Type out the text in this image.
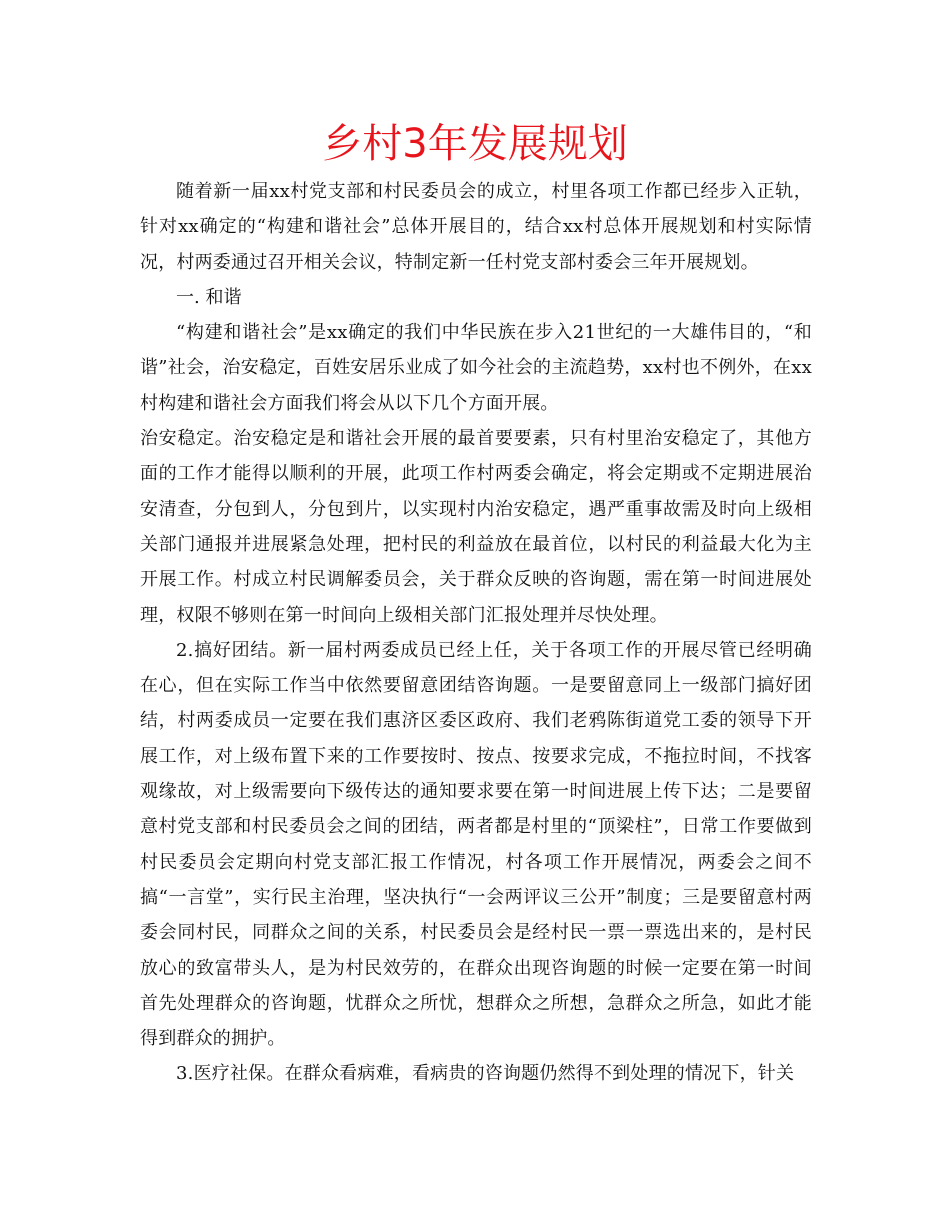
乡村3年发展规划

随着新一届xx村党支部和村民委员会的成立，村里各项工作都已经步入正轨，针对xx确定的“构建和谐社会”总体开展目的，结合xx村总体开展规划和村实际情况，村两委通过召开相关会议，特制定新一任村党支部村委会三年开展规划。

一. 和谐

“构建和谐社会”是xx确定的我们中华民族在步入21世纪的一大雄伟目的，“和谐”社会，治安稳定，百姓安居乐业成了如今社会的主流趋势，xx村也不例外，在xx村构建和谐社会方面我们将会从以下几个方面开展。

治安稳定。治安稳定是和谐社会开展的最首要要素，只有村里治安稳定了，其他方面的工作才能得以顺利的开展，此项工作村两委会确定，将会定期或不定期进展治安清查，分包到人，分包到片，以实现村内治安稳定，遇严重事故需及时向上级相关部门通报并进展紧急处理，把村民的利益放在最首位，以村民的利益最大化为主开展工作。村成立村民调解委员会，关于群众反映的咨询题，需在第一时间进展处理，权限不够则在第一时间向上级相关部门汇报处理并尽快处理。

2.搞好团结。新一届村两委成员已经上任，关于各项工作的开展尽管已经明确在心，但在实际工作当中依然要留意团结咨询题。一是要留意同上一级部门搞好团结，村两委成员一定要在我们惠济区委区政府、我们老鸦陈街道党工委的领导下开展工作，对上级布置下来的工作要按时、按点、按要求完成，不拖拉时间，不找客观缘故，对上级需要向下级传达的通知要求要在第一时间进展上传下达；二是要留意村党支部和村民委员会之间的团结，两者都是村里的“顶梁柱”，日常工作要做到村民委员会定期向村党支部汇报工作情况，村各项工作开展情况，两委会之间不搞“一言堂”，实行民主治理，坚决执行“一会两评议三公开”制度；三是要留意村两委会同村民，同群众之间的关系，村民委员会是经村民一票一票选出来的，是村民放心的致富带头人，是为村民效劳的，在群众出现咨询题的时候一定要在第一时间首先处理群众的咨询题，忧群众之所忧，想群众之所想，急群众之所急，如此才能得到群众的拥护。

3.医疗社保。在群众看病难，看病贵的咨询题仍然得不到处理的情况下，针关
